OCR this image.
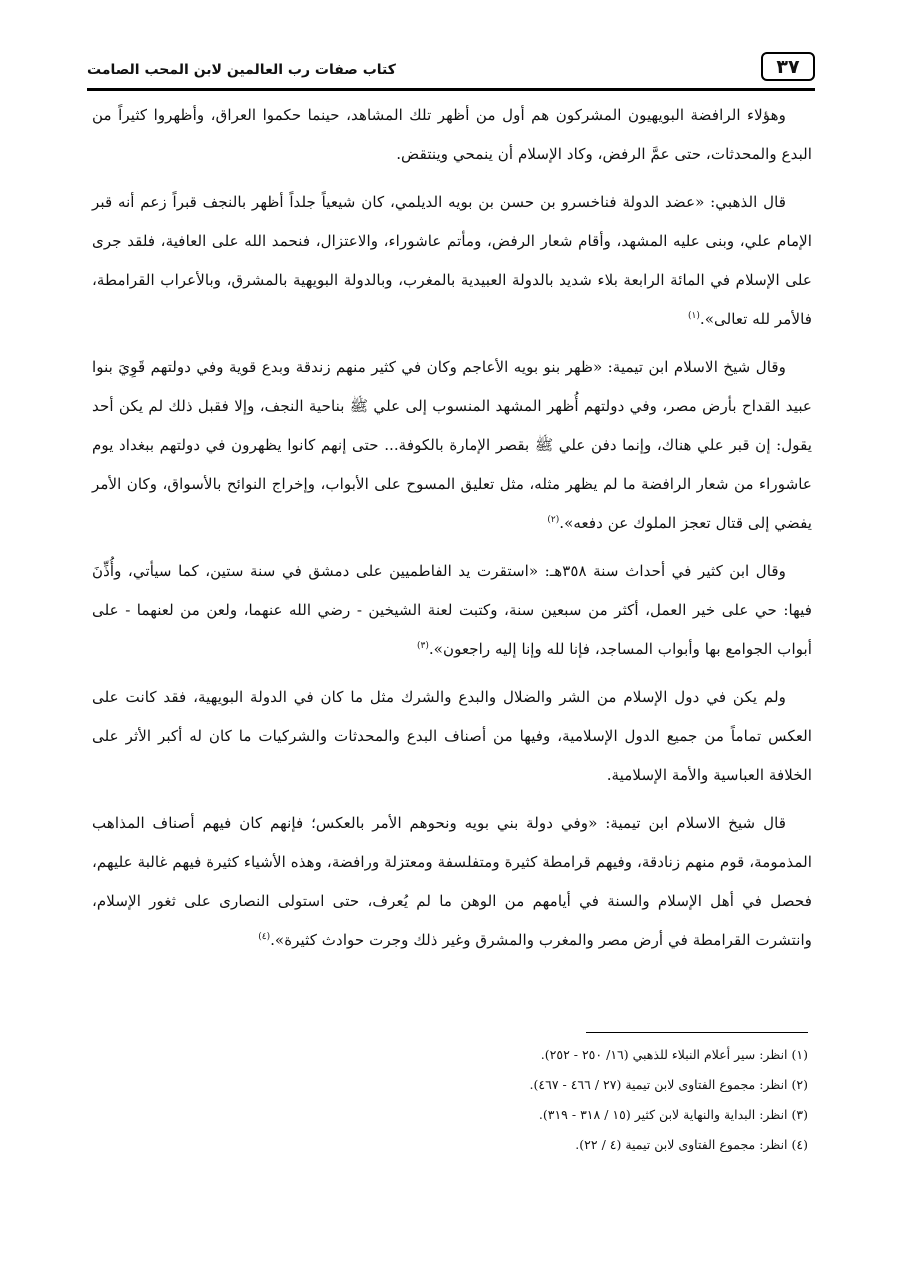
٣٧
كتاب صفات رب العالمين لابن المحب الصامت

وهؤلاء الرافضة البويهيون المشركون هم أول من أظهر تلك المشاهد، حينما حكموا العراق، وأظهروا كثيراً من البدع والمحدثات، حتى عمَّ الرفض، وكاد الإسلام أن ينمحي وينتقض.

قال الذهبي: «عضد الدولة فناخسرو بن حسن بن بويه الديلمي، كان شيعياً جلداً أظهر بالنجف قبراً زعم أنه قبر الإمام علي، وبنى عليه المشهد، وأقام شعار الرفض، ومأتم عاشوراء، والاعتزال، فنحمد الله على العافية، فلقد جرى على الإسلام في المائة الرابعة بلاء شديد بالدولة العبيدية بالمغرب، وبالدولة البويهية بالمشرق، وبالأعراب القرامطة، فالأمر لله تعالى».$^{(١)}$

وقال شيخ الاسلام ابن تيمية: «ظهر بنو بويه الأعاجم وكان في كثير منهم زندقة وبدع قوية وفي دولتهم قَوِيَ بنوا عبيد القداح بأرض مصر، وفي دولتهم أُظهر المشهد المنسوب إلى علي ﷺ بناحية النجف، وإلا فقبل ذلك لم يكن أحد يقول: إن قبر علي هناك، وإنما دفن علي ﷺ بقصر الإمارة بالكوفة... حتى إنهم كانوا يظهرون في دولتهم ببغداد يوم عاشوراء من شعار الرافضة ما لم يظهر مثله، مثل تعليق المسوح على الأبواب، وإخراج النوائح بالأسواق، وكان الأمر يفضي إلى قتال تعجز الملوك عن دفعه».$^{(٢)}$

وقال ابن كثير في أحداث سنة ٣٥٨هـ: «استقرت يد الفاطميين على دمشق في سنة ستين، كما سيأتي، وأُذِّنَ فيها: حي على خير العمل، أكثر من سبعين سنة، وكتبت لعنة الشيخين - رضي الله عنهما، ولعن من لعنهما - على أبواب الجوامع بها وأبواب المساجد، فإنا لله وإنا إليه راجعون».$^{(٣)}$

ولم يكن في دول الإسلام من الشر والضلال والبدع والشرك مثل ما كان في الدولة البويهية، فقد كانت على العكس تماماً من جميع الدول الإسلامية، وفيها من أصناف البدع والمحدثات والشركيات ما كان له أكبر الأثر على الخلافة العباسية والأمة الإسلامية.

قال شيخ الاسلام ابن تيمية: «وفي دولة بني بويه ونحوهم الأمر بالعكس؛ فإنهم كان فيهم أصناف المذاهب المذمومة، قوم منهم زنادقة، وفيهم قرامطة كثيرة ومتفلسفة ومعتزلة ورافضة، وهذه الأشياء كثيرة فيهم غالبة عليهم، فحصل في أهل الإسلام والسنة في أيامهم من الوهن ما لم يُعرف، حتى استولى النصارى على ثغور الإسلام، وانتشرت القرامطة في أرض مصر والمغرب والمشرق وغير ذلك وجرت حوادث كثيرة».$^{(٤)}$

(١) انظر: سير أعلام النبلاء للذهبي (١٦/ ٢٥٠ - ٢٥٢).

(٢) انظر: مجموع الفتاوى لابن تيمية (٢٧ / ٤٦٦ - ٤٦٧).

(٣) انظر: البداية والنهاية لابن كثير (١٥ / ٣١٨ - ٣١٩).

(٤) انظر: مجموع الفتاوى لابن تيمية (٤ / ٢٢).
